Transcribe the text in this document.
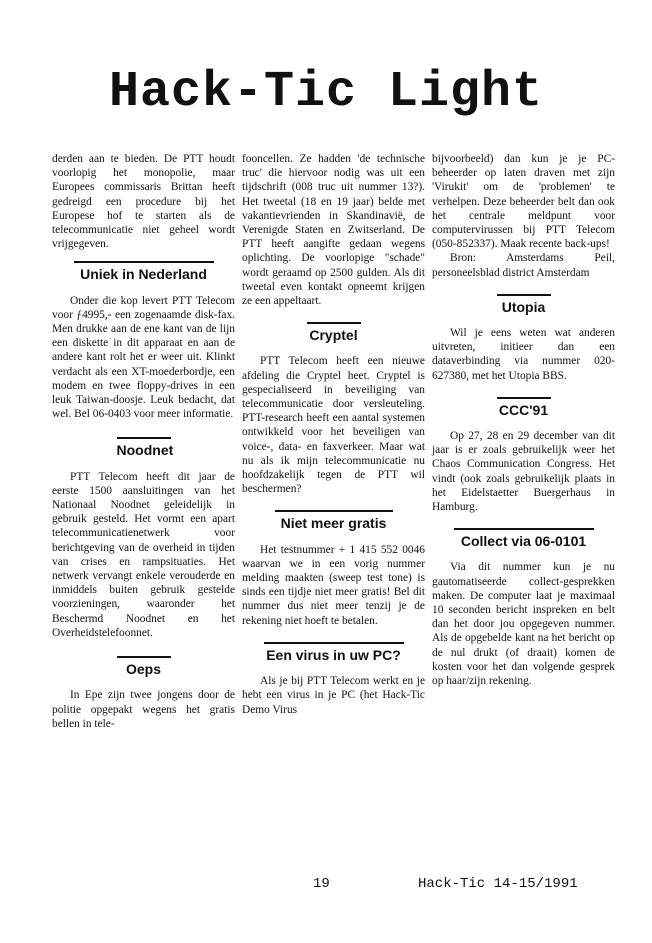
Hack-Tic Light

derden aan te bieden. De PTT houdt voorlopig het monopolie, maar Europees commissaris Brittan heeft gedreigd een procedure bij het Europese hof te starten als de telecommunicatie niet geheel wordt vrijgegeven.

Uniek in Nederland

Onder die kop levert PTT Telecom voor ƒ4995,- een zogenaamde disk-fax. Men drukke aan de ene kant van de lijn een diskette in dit apparaat en aan de andere kant rolt het er weer uit. Klinkt verdacht als een XT-moederbordje, een modem en twee floppy-drives in een leuk Taiwan-doosje. Leuk bedacht, dat wel. Bel 06-0403 voor meer informatie.

Noodnet

PTT Telecom heeft dit jaar de eerste 1500 aansluitingen van het Nationaal Noodnet geleidelijk in gebruik gesteld. Het vormt een apart telecommunicatienetwerk voor berichtgeving van de overheid in tijden van crises en rampsituaties. Het netwerk vervangt enkele verouderde en inmiddels buiten gebruik gestelde voorzieningen, waaronder het Beschermd Noodnet en het Overheidstelefoonnet.

Oeps

In Epe zijn twee jongens door de politie opgepakt wegens het gratis bellen in tele-

fooncellen. Ze hadden 'de technische truc' die hiervoor nodig was uit een tijdschrift (008 truc uit nummer 13?). Het tweetal (18 en 19 jaar) belde met vakantievrienden in Skandinavië, de Verenigde Staten en Zwitserland. De PTT heeft aangifte gedaan wegens oplichting. De voorlopige "schade" wordt geraamd op 2500 gulden. Als dit tweetal even kontakt opneemt krijgen ze een appeltaart.

Cryptel

PTT Telecom heeft een nieuwe afdeling die Cryptel heet. Cryptel is gespecialiseerd in beveiliging van telecommunicatie door versleuteling. PTT-research heeft een aantal systemen ontwikkeld voor het beveiligen van voice-, data- en faxverkeer. Maar wat nu als ik mijn telecommunicatie nu hoofdzakelijk tegen de PTT wil beschermen?

Niet meer gratis

Het testnummer + 1 415 552 0046 waarvan we in een vorig nummer melding maakten (sweep test tone) is sinds een tijdje niet meer gratis! Bel dit nummer dus niet meer tenzij je de rekening niet hoeft te betalen.

Een virus in uw PC?

Als je bij PTT Telecom werkt en je hebt een virus in je PC (het Hack-Tic Demo Virus

bijvoorbeeld) dan kun je je PC-beheerder op laten draven met zijn 'Virukit' om de 'problemen' te verhelpen. Deze beheerder belt dan ook het centrale meldpunt voor computervirussen bij PTT Telecom (050-852337). Maak recente back-ups!

Bron: Amsterdams Peil, personeelsblad district Amsterdam

Utopia

Wil je eens weten wat anderen uitvreten, initieer dan een dataverbinding via nummer 020-627380, met het Utopia BBS.

CCC'91

Op 27, 28 en 29 december van dit jaar is er zoals gebruikelijk weer het Chaos Communication Congress. Het vindt (ook zoals gebruikelijk plaats in het Eidelstaetter Buergerhaus in Hamburg.

Collect via 06-0101

Via dit nummer kun je nu gautomatiseerde collect-gesprekken maken. De computer laat je maximaal 10 seconden bericht inspreken en belt dan het door jou opgegeven nummer. Als de opgebelde kant na het bericht op de nul drukt (of draait) komen de kosten voor het dan volgende gesprek op haar/zijn rekening.

19	Hack-Tic 14-15/1991
